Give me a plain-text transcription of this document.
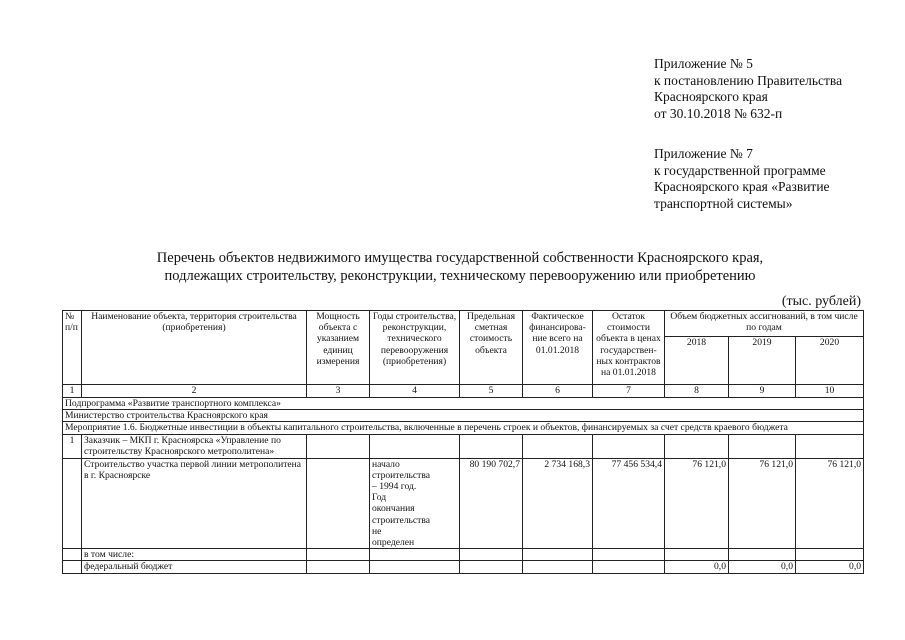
Приложение № 5
к постановлению Правительства
Красноярского края
от 30.10.2018 № 632-п
Приложение № 7
к государственной программе
Красноярского края «Развитие
транспортной системы»
Перечень объектов недвижимого имущества государственной собственности Красноярского края,
подлежащих строительству, реконструкции, техническому перевооружению или приобретению
(тыс. рублей)
№ п/п	Наименование объекта, территория строительства (приобретения)	Мощность объекта с указанием единиц измерения	Годы строительства, реконструкции, технического перевооружения (приобретения)	Предельная сметная стоимость объекта	Фактическое финансирова-ние всего на 01.01.2018	Остаток стоимости объекта в ценах государствен-ных контрактов на 01.01.2018	Объем бюджетных ассигнований, в том числе по годам		
							2018	2019	2020
1	2	3	4	5	6	7	8	9	10
Подпрограмма «Развитие транспортного комплекса»									
Министерство строительства Красноярского края									
Мероприятие 1.6. Бюджетные инвестиции в объекты капитального строительства, включенные в перечень строек и объектов, финансируемых за счет средств краевого бюджета									
1	Заказчик – МКП г. Красноярска «Управление по строительству Красноярского метрополитена»								
	Строительство участка первой линии метрополитена в г. Красноярске		начало строительства – 1994 год. Год окончания строительства не определен	80 190 702,7	2 734 168,3	77 456 534,4	76 121,0	76 121,0	76 121,0
	в том числе:								
	федеральный бюджет						0,0	0,0	0,0
